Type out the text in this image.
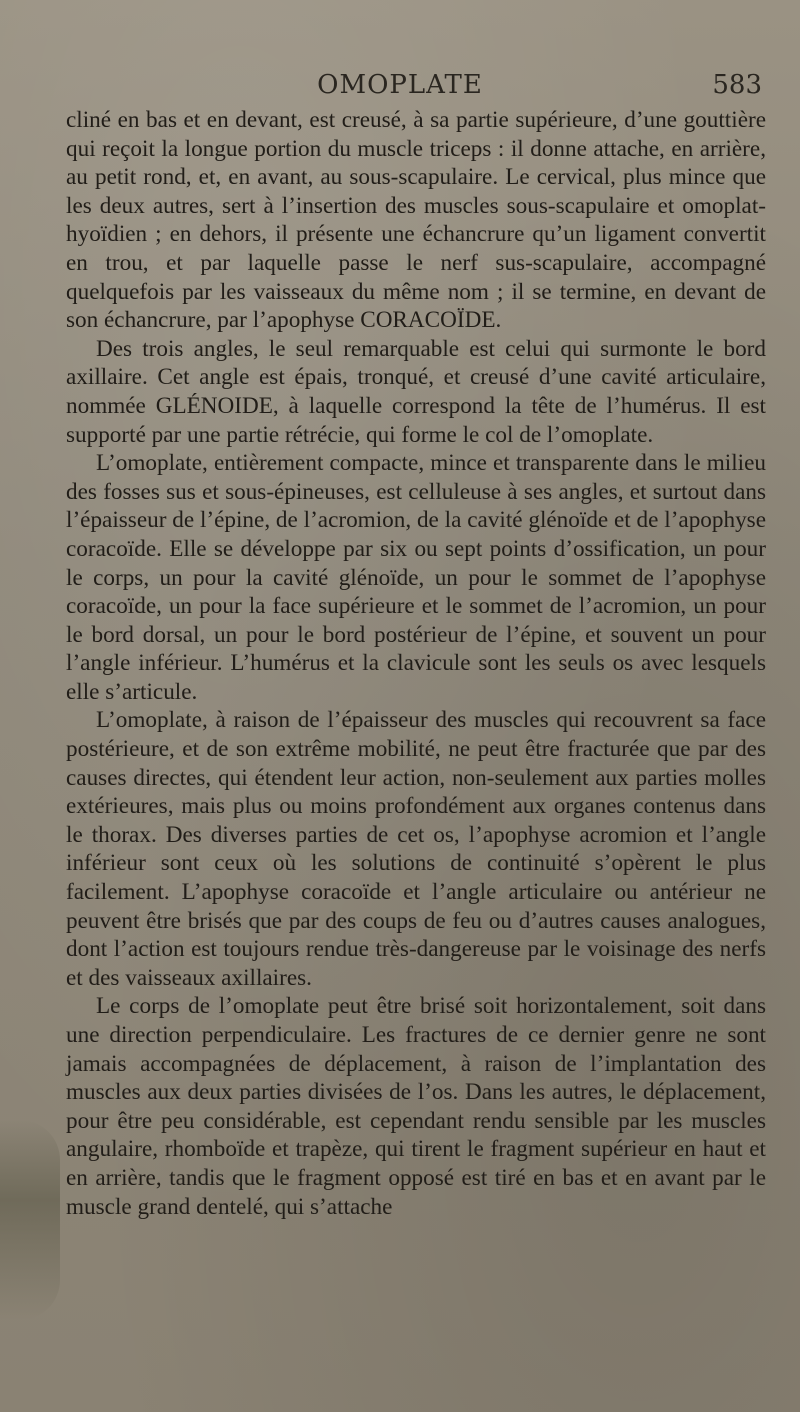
OMOPLATE	583

cliné en bas et en devant, est creusé, à sa partie supérieure, d’une gouttière qui reçoit la longue portion du muscle triceps : il donne attache, en arrière, au petit rond, et, en avant, au sous-scapulaire. Le cervical, plus mince que les deux autres, sert à l’insertion des muscles sous-scapulaire et omoplat-hyoïdien ; en dehors, il présente une échancrure qu’un ligament convertit en trou, et par laquelle passe le nerf sus-scapulaire, accompagné quelquefois par les vaisseaux du même nom ; il se termine, en devant de son échancrure, par l’apophyse CORACOÏDE.

Des trois angles, le seul remarquable est celui qui surmonte le bord axillaire. Cet angle est épais, tronqué, et creusé d’une cavité articulaire, nommée GLÉNOIDE, à laquelle correspond la tête de l’humérus. Il est supporté par une partie rétrécie, qui forme le col de l’omoplate.

L’omoplate, entièrement compacte, mince et transparente dans le milieu des fosses sus et sous-épineuses, est celluleuse à ses angles, et surtout dans l’épaisseur de l’épine, de l’acromion, de la cavité glénoïde et de l’apophyse coracoïde. Elle se développe par six ou sept points d’ossification, un pour le corps, un pour la cavité glénoïde, un pour le sommet de l’apophyse coracoïde, un pour la face supérieure et le sommet de l’acromion, un pour le bord dorsal, un pour le bord postérieur de l’épine, et souvent un pour l’angle inférieur. L’humérus et la clavicule sont les seuls os avec lesquels elle s’articule.

L’omoplate, à raison de l’épaisseur des muscles qui recouvrent sa face postérieure, et de son extrême mobilité, ne peut être fracturée que par des causes directes, qui étendent leur action, non-seulement aux parties molles extérieures, mais plus ou moins profondément aux organes contenus dans le thorax. Des diverses parties de cet os, l’apophyse acromion et l’angle inférieur sont ceux où les solutions de continuité s’opèrent le plus facilement. L’apophyse coracoïde et l’angle articulaire ou antérieur ne peuvent être brisés que par des coups de feu ou d’autres causes analogues, dont l’action est toujours rendue très-dangereuse par le voisinage des nerfs et des vaisseaux axillaires.

Le corps de l’omoplate peut être brisé soit horizontalement, soit dans une direction perpendiculaire. Les fractures de ce dernier genre ne sont jamais accompagnées de déplacement, à raison de l’implantation des muscles aux deux parties divisées de l’os. Dans les autres, le déplacement, pour être peu considérable, est cependant rendu sensible par les muscles angulaire, rhomboïde et trapèze, qui tirent le fragment supérieur en haut et en arrière, tandis que le fragment opposé est tiré en bas et en avant par le muscle grand dentelé, qui s’attache
